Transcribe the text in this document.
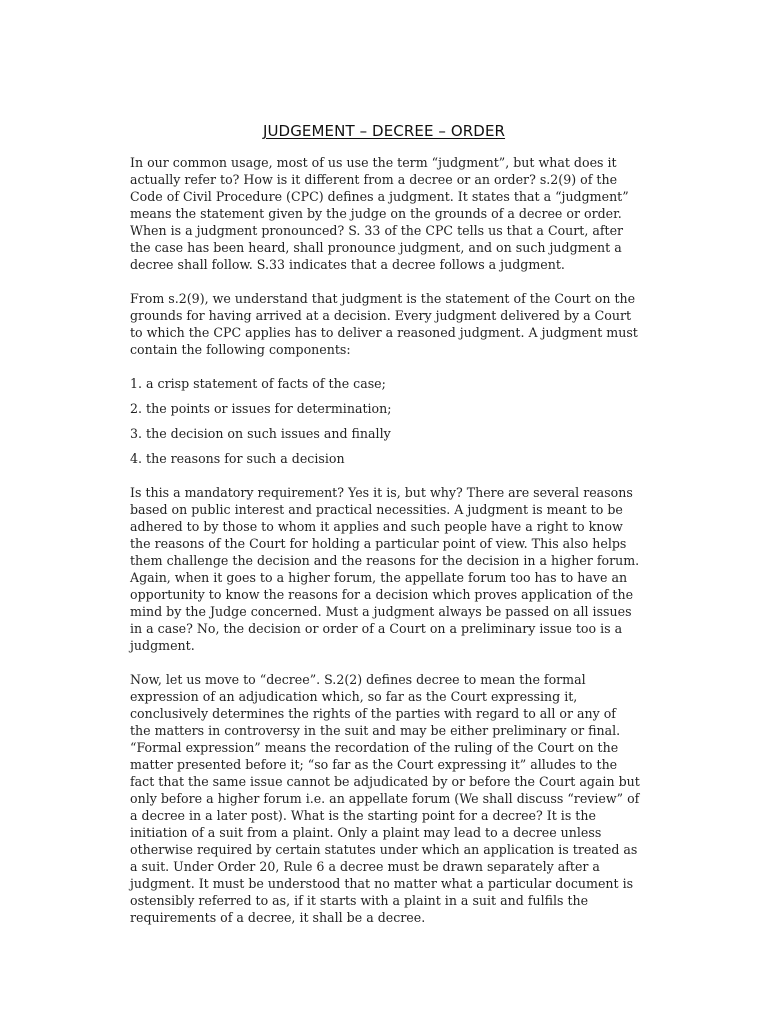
JUDGEMENT – DECREE – ORDER

In our common usage, most of us use the term “judgment”, but what does it actually refer to? How is it different from a decree or an order? s.2(9) of the Code of Civil Procedure (CPC) defines a judgment. It states that a “judgment” means the statement given by the judge on the grounds of a decree or order. When is a judgment pronounced? S. 33 of the CPC tells us that a Court, after the case has been heard, shall pronounce judgment, and on such judgment a decree shall follow. S.33 indicates that a decree follows a judgment.

From s.2(9), we understand that judgment is the statement of the Court on the grounds for having arrived at a decision. Every judgment delivered by a Court to which the CPC applies has to deliver a reasoned judgment. A judgment must contain the following components:

1. a crisp statement of facts of the case;
2. the points or issues for determination;
3. the decision on such issues and finally
4. the reasons for such a decision

Is this a mandatory requirement? Yes it is, but why? There are several reasons based on public interest and practical necessities. A judgment is meant to be adhered to by those to whom it applies and such people have a right to know the reasons of the Court for holding a particular point of view. This also helps them challenge the decision and the reasons for the decision in a higher forum. Again, when it goes to a higher forum, the appellate forum too has to have an opportunity to know the reasons for a decision which proves application of the mind by the Judge concerned. Must a judgment always be passed on all issues in a case? No, the decision or order of a Court on a preliminary issue too is a judgment.

Now, let us move to “decree”. S.2(2) defines decree to mean the formal expression of an adjudication which, so far as the Court expressing it, conclusively determines the rights of the parties with regard to all or any of the matters in controversy in the suit and may be either preliminary or final. “Formal expression” means the recordation of the ruling of the Court on the matter presented before it; “so far as the Court expressing it” alludes to the fact that the same issue cannot be adjudicated by or before the Court again but only before a higher forum i.e. an appellate forum (We shall discuss “review” of a decree in a later post). What is the starting point for a decree? It is the initiation of a suit from a plaint. Only a plaint may lead to a decree unless otherwise required by certain statutes under which an application is treated as a suit. Under Order 20, Rule 6 a decree must be drawn separately after a judgment. It must be understood that no matter what a particular document is ostensibly referred to as, if it starts with a plaint in a suit and fulfils the requirements of a decree, it shall be a decree.
